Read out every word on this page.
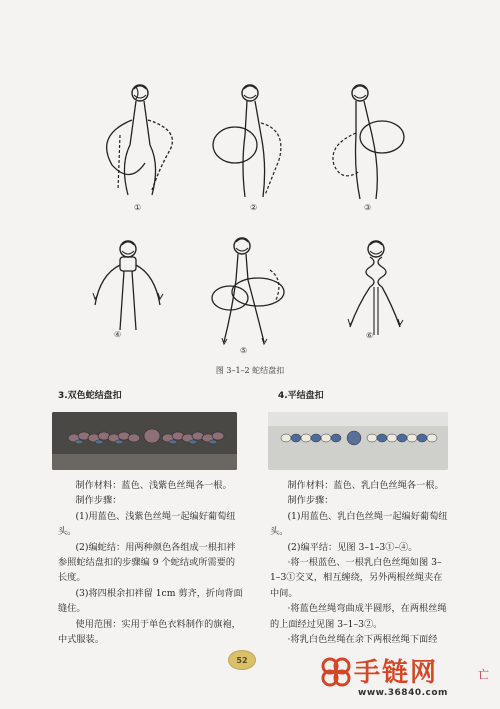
①	②	③
④
⑤
⑥
图 3–1–2 蛇结盘扣
3.双色蛇结盘扣	4.平结盘扣

制作材料：蓝色、浅紫色丝绳各一根。

制作步骤：

(1)用蓝色、浅紫色丝绳一起编好葡萄纽头。

(2)编蛇结：用两种颜色各组成一根扣袢参照蛇结盘扣的步骤编 9 个蛇结或所需要的长度。

(3)将四根余扣袢留 1cm 剪齐，折向背面缝住。

使用范围：实用于单色衣料制作的旗袍，中式服装。

制作材料：蓝色、乳白色丝绳各一根。

制作步骤：

(1)用蓝色、乳白色丝绳一起编好葡萄纽头。

(2)编平结：见图 3–1–3①–④。

·将一根蓝色、一根乳白色丝绳如图 3–1–3①交叉，相互缠绕，另外两根丝绳夹在中间。

·将蓝色丝绳弯曲成半圆形，在两根丝绳的上面经过见图 3–1–3②。

·将乳白色丝绳在余下两根丝绳下面经

52	手链网
www.36840.com
亡
